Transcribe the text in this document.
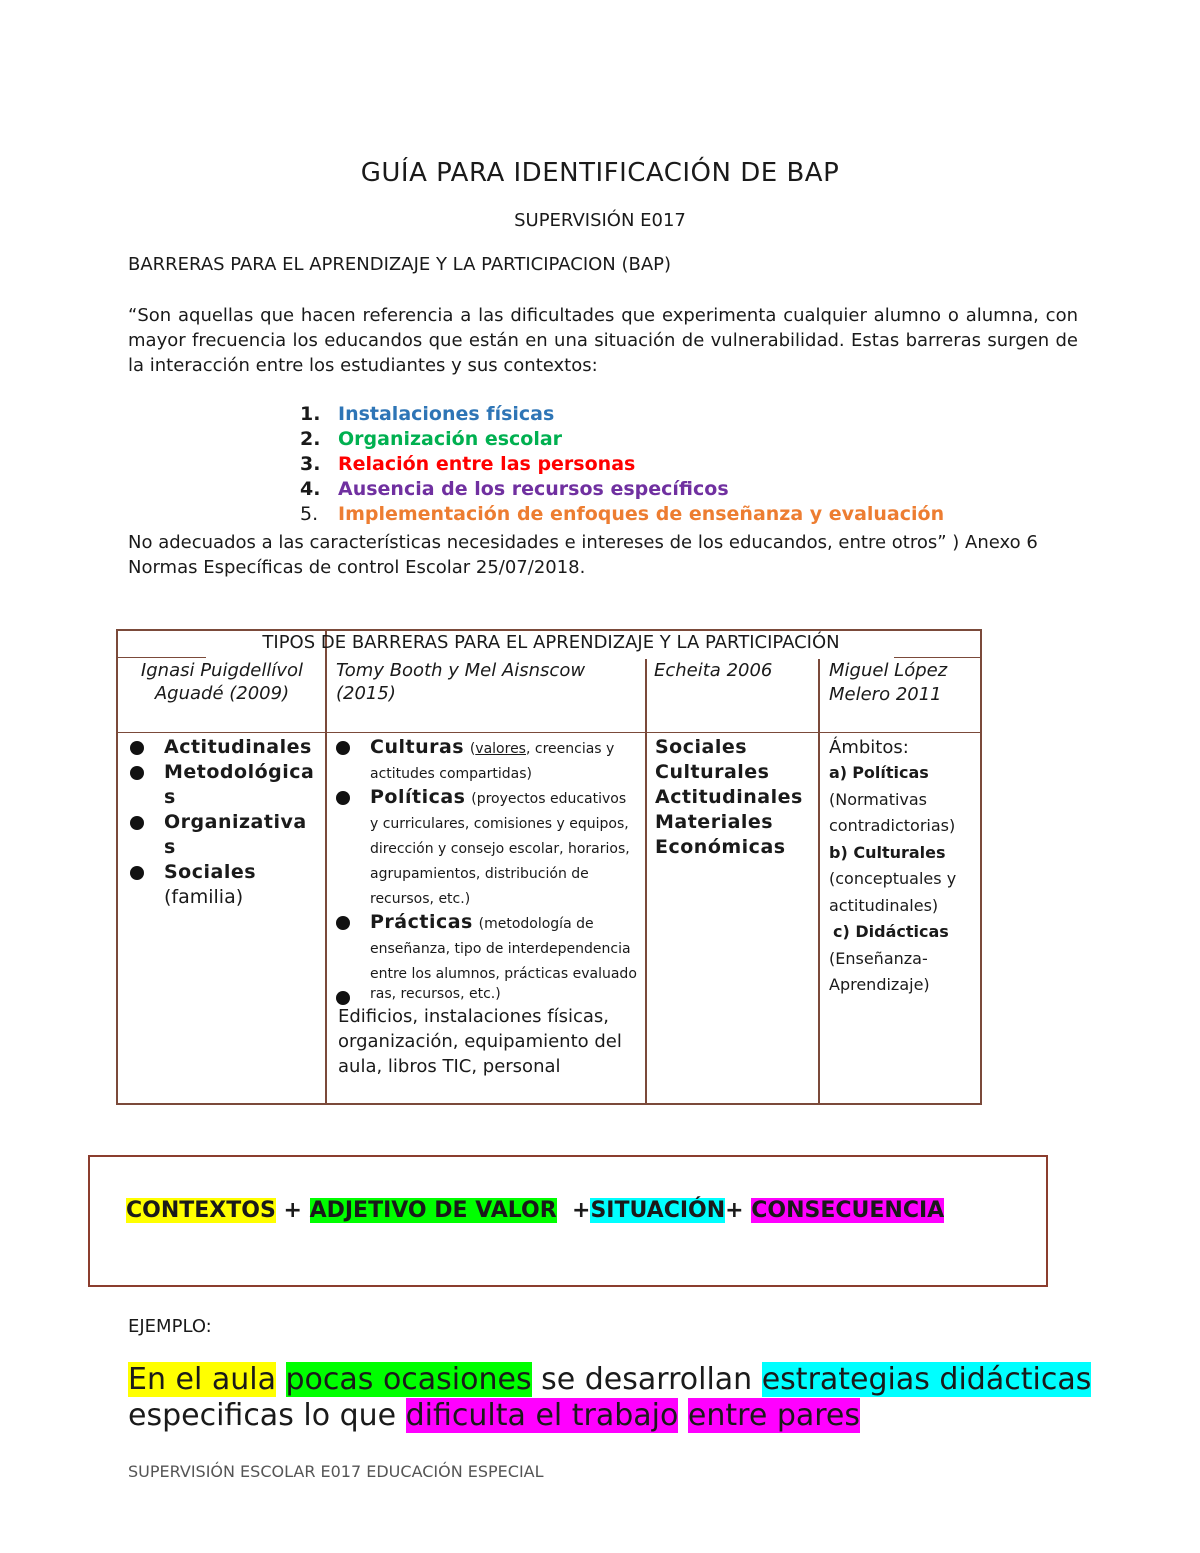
GUÍA PARA IDENTIFICACIÓN DE BAP
SUPERVISIÓN E017
BARRERAS PARA EL APRENDIZAJE Y LA PARTICIPACION (BAP)
“Son aquellas que hacen referencia a las dificultades que experimenta cualquier alumno o alumna, con mayor frecuencia los educandos que están en una situación de vulnerabilidad. Estas barreras surgen de la interacción entre los estudiantes y sus contextos:
1. Instalaciones físicas
2. Organización escolar
3. Relación entre las personas
4. Ausencia de los recursos específicos
5. Implementación de enfoques de enseñanza y evaluación
No adecuados a las características necesidades e intereses de los educandos, entre otros” ) Anexo 6 Normas Específicas de control Escolar 25/07/2018.
TIPOS DE BARRERAS PARA EL APRENDIZAJE Y LA PARTICIPACIÓN
Ignasi Puigdellívol Aguadé (2009)
Tomy Booth y Mel Aisnscow (2015)
Echeita 2006	Miguel López Melero 2011
Actitudinales
Metodológicas
Organizativas
Sociales
(familia)
Culturas (valores, creencias y actitudes compartidas)
Políticas (proyectos educativos y curriculares, comisiones y equipos, dirección y consejo escolar, horarios, agrupamientos, distribución de recursos, etc.)
Prácticas (metodología de enseñanza, tipo de interdependencia entre los alumnos, prácticas evaluado
ras, recursos, etc.)
Edificios, instalaciones físicas, organización, equipamiento del aula, libros TIC, personal
Sociales
Culturales
Actitudinales
Materiales
Económicas
Ámbitos:
a) Políticas
(Normativas contradictorias)
b) Culturales
(conceptuales y actitudinales)
c) Didácticas
(Enseñanza-Aprendizaje)
CONTEXTOS + ADJETIVO DE VALOR  +SITUACIÓN+ CONSECUENCIA
EJEMPLO:
En el aula pocas ocasiones se desarrollan estrategias didácticas especificas lo que dificulta el trabajo entre pares
SUPERVISIÓN ESCOLAR E017 EDUCACIÓN ESPECIAL
